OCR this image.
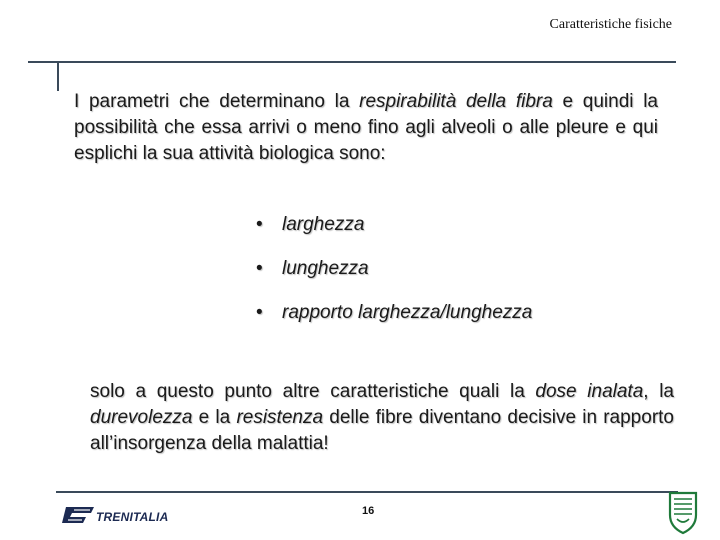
Caratteristiche fisiche
I parametri che determinano la respirabilità della fibra e quindi la possibilità che essa arrivi o meno fino agli alveoli o alle pleure e qui esplichi la sua attività biologica sono:
•	larghezza
•	lunghezza
•	rapporto larghezza/lunghezza
solo a questo punto altre caratteristiche quali la dose inalata, la durevolezza e la resistenza delle fibre diventano decisive in rapporto all’insorgenza della malattia!
TRENITALIA	16
